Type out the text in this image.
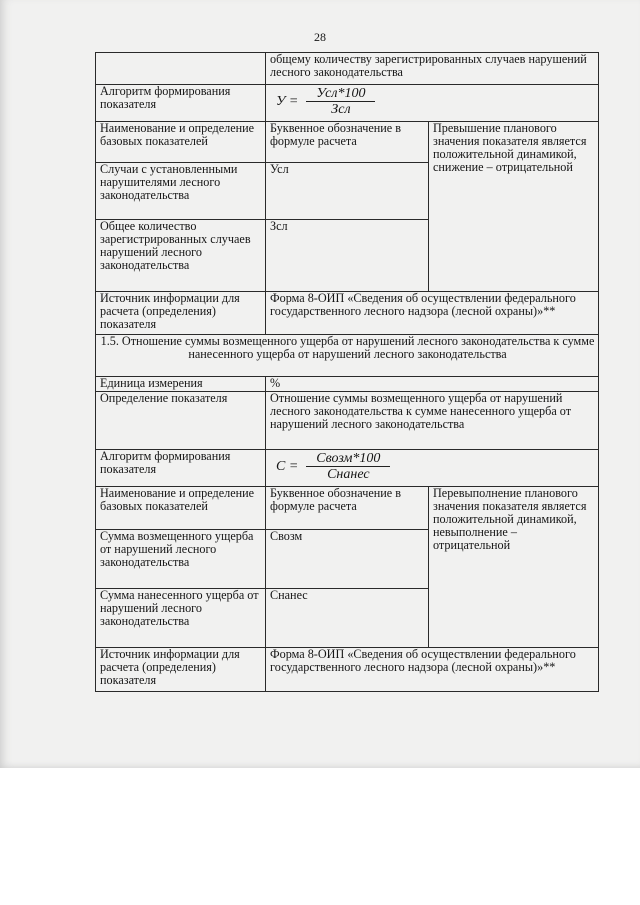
28
	общему количеству зарегистрированных случаев нарушений лесного законодательства	
Алгоритм формирования показателя	$У = \frac{\text{Усл*100}}{\text{Зсл}}$

Наименование и определение базовых показателей	Буквенное обозначение в формуле расчета	Превышение планового значения показателя является положительной динамикой, снижение – отрицательной
Случаи с установленными нарушителями лесного законодательства	Усл	
Общее количество зарегистрированных случаев нарушений лесного законодательства	Зсл	
Источник информации для расчета (определения) показателя	Форма 8-ОИП «Сведения об осуществлении федерального государственного лесного надзора (лесной охраны)»**	
1.5. Отношение суммы возмещенного ущерба от нарушений лесного законодательства к сумме нанесенного ущерба от нарушений лесного законодательства		
Единица измерения	%	
Определение показателя	Отношение суммы возмещенного ущерба от нарушений лесного законодательства к сумме нанесенного ущерба от нарушений лесного законодательства	
Алгоритм формирования показателя	$С = \frac{\text{Свозм*100}}{\text{Снанес}}$

Наименование и определение базовых показателей	Буквенное обозначение в формуле расчета	Перевыполнение планового значения показателя является положительной динамикой, невыполнение – отрицательной
Сумма возмещенного ущерба от нарушений лесного законодательства	Свозм	
Сумма нанесенного ущерба от нарушений лесного законодательства	Снанес	
Источник информации для расчета (определения) показателя	Форма 8-ОИП «Сведения об осуществлении федерального государственного лесного надзора (лесной охраны)»**	
